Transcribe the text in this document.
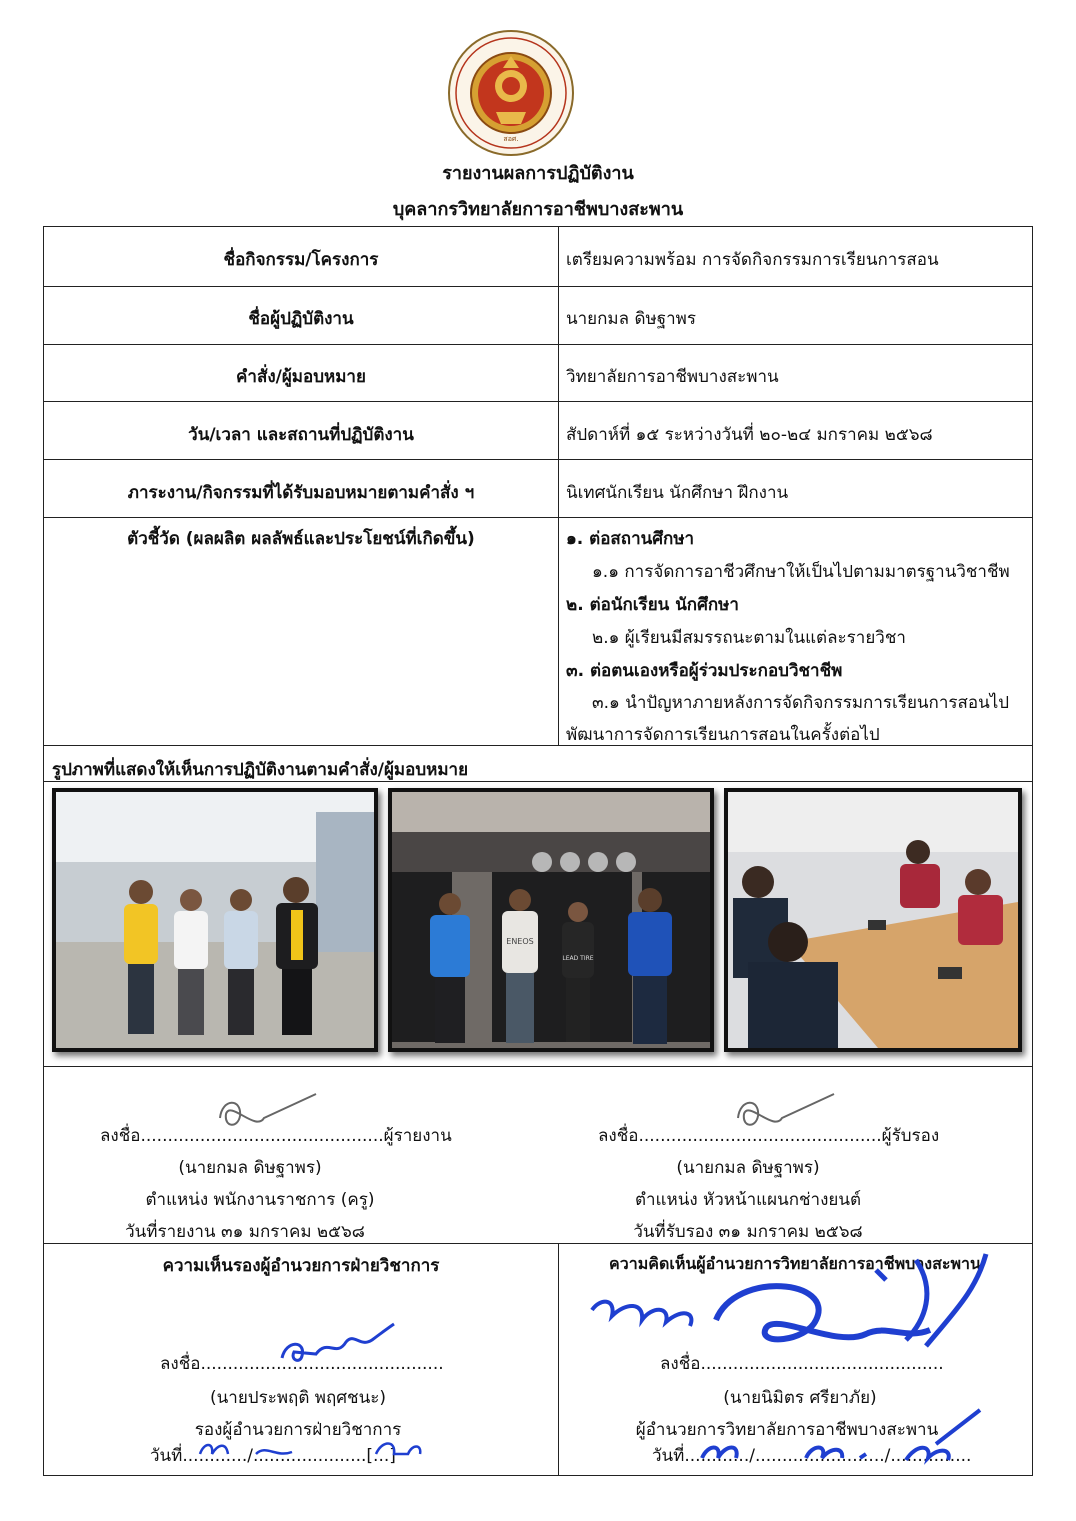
สอศ.
รายงานผลการปฏิบัติงาน
บุคลากรวิทยาลัยการอาชีพบางสะพาน
ชื่อกิจกรรม/โครงการ	เตรียมความพร้อม การจัดกิจกรรมการเรียนการสอน
ชื่อผู้ปฏิบัติงาน	นายกมล ดิษฐาพร
คำสั่ง/ผู้มอบหมาย	วิทยาลัยการอาชีพบางสะพาน
วัน/เวลา และสถานที่ปฏิบัติงาน	สัปดาห์ที่ ๑๕ ระหว่างวันที่ ๒๐-๒๔ มกราคม ๒๕๖๘
ภาระงาน/กิจกรรมที่ได้รับมอบหมายตามคำสั่ง ฯ	นิเทศนักเรียน นักศึกษา ฝึกงาน
ตัวชี้วัด (ผลผลิต ผลลัพธ์และประโยชน์ที่เกิดขึ้น)	๑. ต่อสถานศึกษา
๑.๑ การจัดการอาชีวศึกษาให้เป็นไปตามมาตรฐานวิชาชีพ
๒. ต่อนักเรียน นักศึกษา
๒.๑ ผู้เรียนมีสมรรถนะตามในแต่ละรายวิชา
๓. ต่อตนเองหรือผู้ร่วมประกอบวิชาชีพ
๓.๑ นำปัญหาภายหลังการจัดกิจกรรมการเรียนการสอนไป
พัฒนาการจัดการเรียนการสอนในครั้งต่อไป
รูปภาพที่แสดงให้เห็นการปฏิบัติงานตามคำสั่ง/ผู้มอบหมาย
ENEOS
LEAD TIRE
ลงชื่อ.............................................ผู้รายงาน
(นายกมล ดิษฐาพร)
ตำแหน่ง พนักงานราชการ (ครู)
วันที่รายงาน ๓๑ มกราคม ๒๕๖๘
ลงชื่อ.............................................ผู้รับรอง
(นายกมล ดิษฐาพร)
ตำแหน่ง หัวหน้าแผนกช่างยนต์
วันที่รับรอง ๓๑ มกราคม ๒๕๖๘
ความเห็นรองผู้อำนวยการฝ่ายวิชาการ	ความคิดเห็นผู้อำนวยการวิทยาลัยการอาชีพบางสะพาน
ลงชื่อ.............................................
(นายประพฤติ พฤศชนะ)
รองผู้อำนวยการฝ่ายวิชาการ
วันที่............/.....................[...]
ลงชื่อ.............................................
(นายนิมิตร ศรียาภัย)
ผู้อำนวยการวิทยาลัยการอาชีพบางสะพาน
วันที่............/......................../...............
